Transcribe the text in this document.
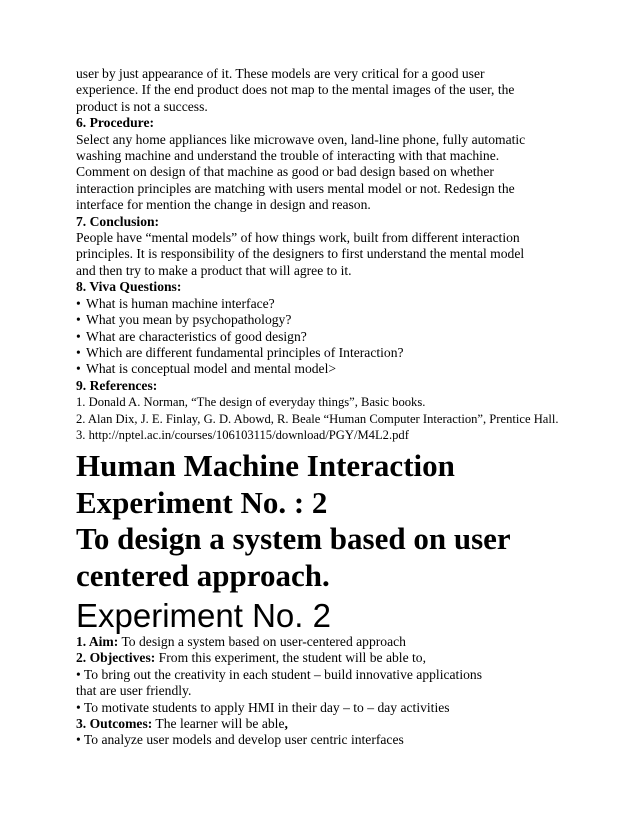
user by just appearance of it. These models are very critical for a good user
experience. If the end product does not map to the mental images of the user, the
product is not a success.
6. Procedure:
Select any home appliances like microwave oven, land-line phone, fully automatic
washing machine and understand the trouble of interacting with that machine.
Comment on design of that machine as good or bad design based on whether
interaction principles are matching with users mental model or not. Redesign the
interface for mention the change in design and reason.
7. Conclusion:
People have “mental models” of how things work, built from different interaction
principles. It is responsibility of the designers to first understand the mental model
and then try to make a product that will agree to it.
8. Viva Questions:
• What is human machine interface?
• What you mean by psychopathology?
• What are characteristics of good design?
• Which are different fundamental principles of Interaction?
• What is conceptual model and mental model>
9. References:
1. Donald A. Norman, “The design of everyday things”, Basic books.
2. Alan Dix, J. E. Finlay, G. D. Abowd, R. Beale “Human Computer Interaction”, Prentice Hall.
3. http://nptel.ac.in/courses/106103115/download/PGY/M4L2.pdf
Human Machine Interaction
Experiment No. : 2
To design a system based on user
centered approach.
Experiment No. 2
1. Aim: To design a system based on user-centered approach
2. Objectives: From this experiment, the student will be able to,
• To bring out the creativity in each student – build innovative applications
that are user friendly.
• To motivate students to apply HMI in their day – to – day activities
3. Outcomes: The learner will be able,
• To analyze user models and develop user centric interfaces
